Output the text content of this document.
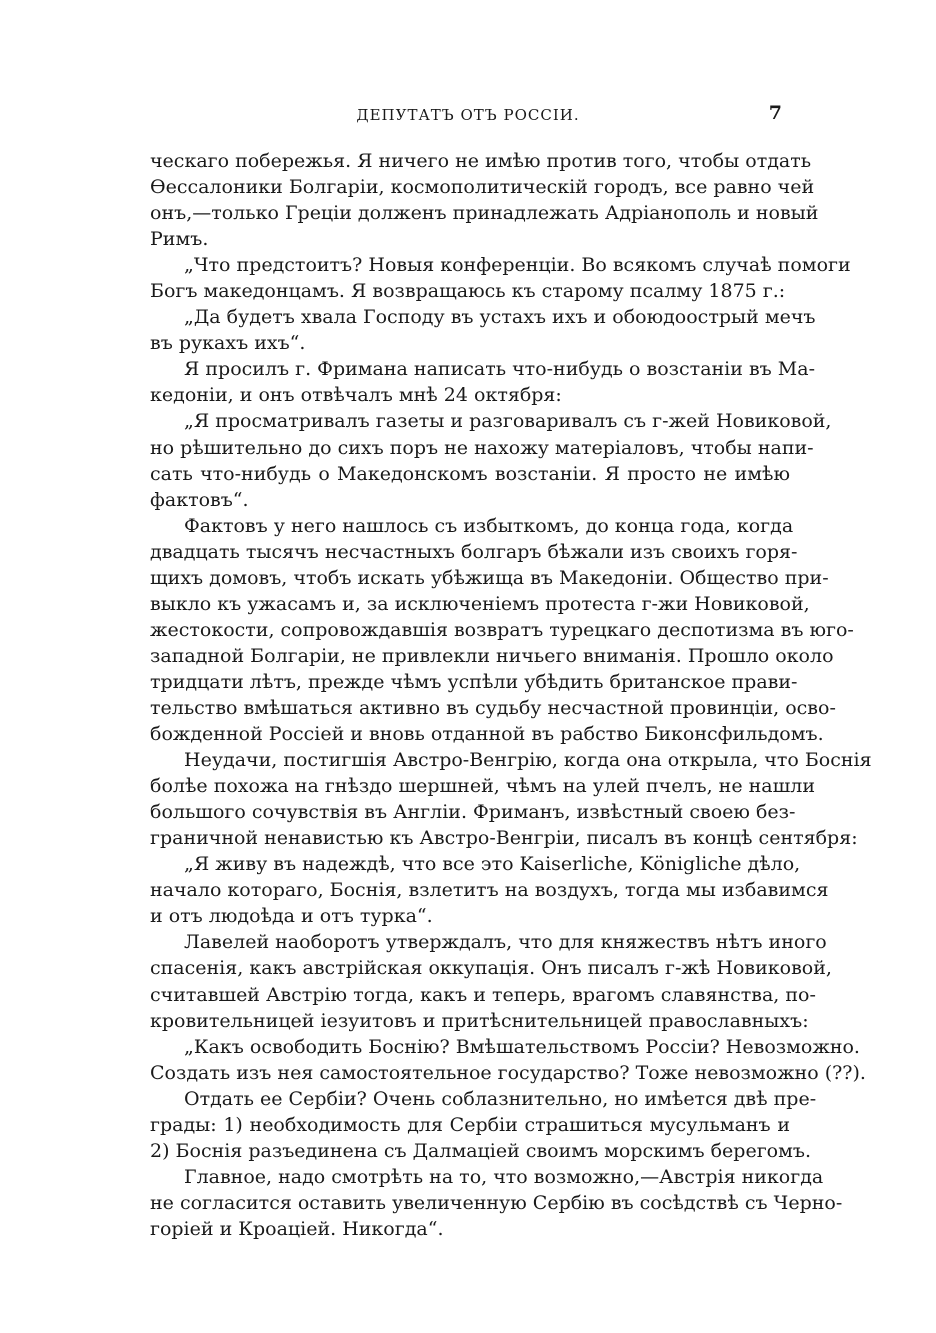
ДЕПУТАТЪ ОТЪ РОССІИ.	7
ческаго побережья. Я ничего не имѣю против тoго, чтобы отдать
Ѳессалоники Болгаріи, космополитическій городъ, все равно чей
онъ,—только Греціи долженъ принадлежать Адріанополь и новый
Римъ.
„Что предстоитъ? Новыя конференціи. Во всякомъ случаѣ помоги
Богъ македонцамъ. Я возвращаюсь къ старому псалму 1875 г.:
„Да будетъ хвала Господу въ устахъ ихъ и обоюдоострый мечъ
въ рукахъ ихъ“.
Я просилъ г. Фримана написать что-нибудь о возстаніи въ Ма-
кедоніи, и онъ отвѣчалъ мнѣ 24 октября:
„Я просматривалъ газеты и разговаривалъ съ г-жей Новиковой,
но рѣшительно до сихъ поръ не нахожу матеріаловъ, чтобы напи-
сать что-нибудь о Македонскомъ возстаніи. Я просто не имѣю
фактовъ“.
Фактовъ у него нашлось съ избыткомъ, до конца года, когда
двадцать тысячъ несчастныхъ болгаръ бѣжали изъ своихъ горя-
щихъ домовъ, чтобъ искать убѣжища въ Македоніи. Общество при-
выкло къ ужасамъ и, за исключеніемъ протеста г-жи Новиковой,
жестокости, сопровождавшія возвратъ турецкаго деспотизма въ юго-
западной Болгаріи, не привлекли ничьего вниманія. Прошло около
тридцати лѣтъ, прежде чѣмъ успѣли убѣдить британское прави-
тельство вмѣшаться активно въ судьбу несчастной провинціи, осво-
божденной Россіей и вновь отданной въ рабство Биконсфильдомъ.
Неудачи, постигшія Австро-Венгрію, когда она открыла, что Боснія
болѣе похожа на гнѣздо шершней, чѣмъ на улей пчелъ, не нашли
большого сочувствія въ Англіи. Фриманъ, извѣстный своею без-
граничной ненавистью къ Австро-Венгріи, писалъ въ концѣ сентября:
„Я живу въ надеждѣ, что все это Kaiserliche, Königliche дѣло,
начало котораго, Боснія, взлетитъ на воздухъ, тогда мы избавимся
и отъ людоѣда и отъ турка“.
Лавелей наоборотъ утверждалъ, что для княжествъ нѣтъ иного
спасенія, какъ австрійская оккупація. Онъ писалъ г-жѣ Новиковой,
считавшей Австрію тогда, какъ и теперь, врагомъ славянства, по-
кровительницей іезуитовъ и притѣснительницей православныхъ:
„Какъ освободить Боснію? Вмѣшательствомъ Россіи? Невозможно.
Создать изъ нея самостоятельное государство? Тоже невозможно (??).
Отдать ее Сербіи? Очень соблазнительно, но имѣется двѣ пре-
грады: 1) необходимость для Сербіи страшиться мусульманъ и
2) Боснія разъединена съ Далмаціей своимъ морскимъ берегомъ.
Главное, надо смотрѣть на то, что возможно,—Австрія никогда
не согласится оставить увеличенную Сербію въ сосѣдствѣ съ Черно-
горіей и Кроаціей. Никогда“.
